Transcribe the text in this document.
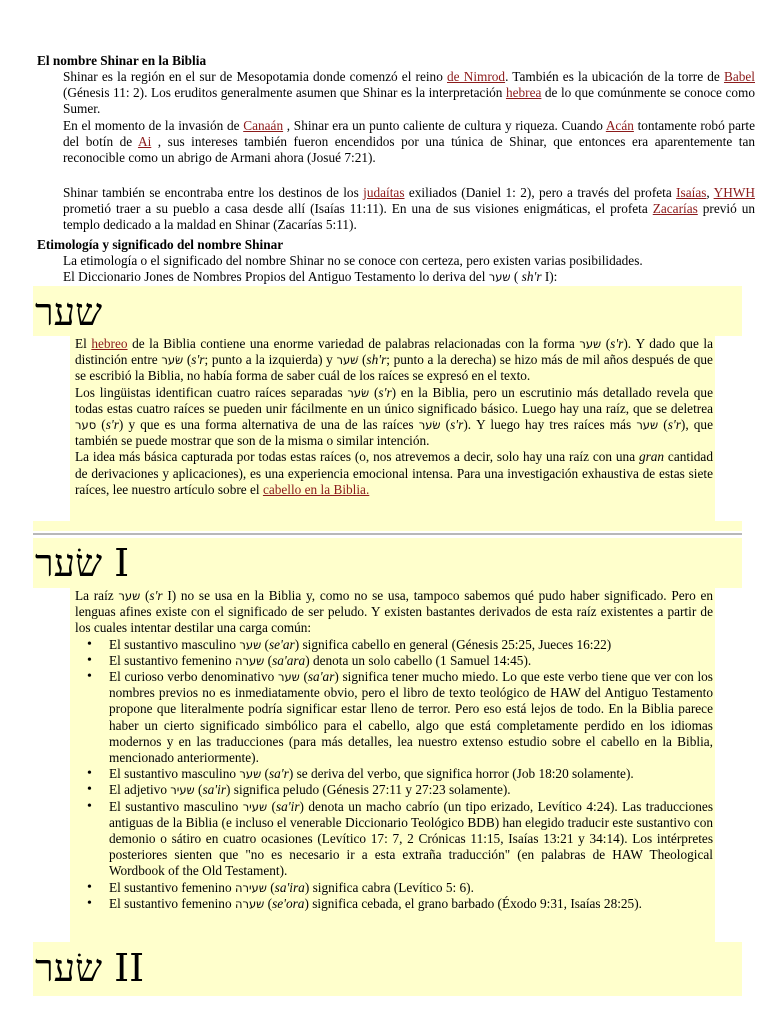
El nombre Shinar en la Biblia
Shinar es la región en el sur de Mesopotamia donde comenzó el reino de Nimrod. También es la ubicación de la torre de Babel (Génesis 11: 2). Los eruditos generalmente asumen que Shinar es la interpretación hebrea de lo que comúnmente se conoce como Sumer.
En el momento de la invasión de Canaán , Shinar era un punto caliente de cultura y riqueza. Cuando Acán tontamente robó parte del botín de Ai , sus intereses también fueron encendidos por una túnica de Shinar, que entonces era aparentemente tan reconocible como un abrigo de Armani ahora (Josué 7:21).
Shinar también se encontraba entre los destinos de los judaítas exiliados (Daniel 1: 2), pero a través del profeta Isaías, YHWH prometió traer a su pueblo a casa desde allí (Isaías 11:11). En una de sus visiones enigmáticas, el profeta Zacarías previó un templo dedicado a la maldad en Shinar (Zacarías 5:11).
Etimología y significado del nombre Shinar
La etimología o el significado del nombre Shinar no se conoce con certeza, pero existen varias posibilidades.
El Diccionario Jones de Nombres Propios del Antiguo Testamento lo deriva del שער ( sh'r I):
שער
El hebreo de la Biblia contiene una enorme variedad de palabras relacionadas con la forma שער (s'r). Y dado que la distinción entre שׂער (s'r; punto a la izquierda) y שׁער (sh'r; punto a la derecha) se hizo más de mil años después de que se escribió la Biblia, no había forma de saber cuál de los raíces se expresó en el texto.
Los lingüistas identifican cuatro raíces separadas שׂער (s'r) en la Biblia, pero un escrutinio más detallado revela que todas estas cuatro raíces se pueden unir fácilmente en un único significado básico. Luego hay una raíz, que se deletrea סער (s'r) y que es una forma alternativa de una de las raíces שׂער (s'r). Y luego hay tres raíces más שער (s'r), que también se puede mostrar que son de la misma o similar intención.
La idea más básica capturada por todas estas raíces (o, nos atrevemos a decir, solo hay una raíz con una gran cantidad de derivaciones y aplicaciones), es una experiencia emocional intensa. Para una investigación exhaustiva de estas siete raíces, lee nuestro artículo sobre el cabello en la Biblia.
שׂער I
La raíz שער (s'r I) no se usa en la Biblia y, como no se usa, tampoco sabemos qué pudo haber significado. Pero en lenguas afines existe con el significado de ser peludo. Y existen bastantes derivados de esta raíz existentes a partir de los cuales intentar destilar una carga común:
• El sustantivo masculino שער (se'ar) significa cabello en general (Génesis 25:25, Jueces 16:22)
• El sustantivo femenino שערה (sa'ara) denota un solo cabello (1 Samuel 14:45).
• El curioso verbo denominativo שער (sa'ar) significa tener mucho miedo. Lo que este verbo tiene que ver con los nombres previos no es inmediatamente obvio, pero el libro de texto teológico de HAW del Antiguo Testamento propone que literalmente podría significar estar lleno de terror. Pero eso está lejos de todo. En la Biblia parece haber un cierto significado simbólico para el cabello, algo que está completamente perdido en los idiomas modernos y en las traducciones (para más detalles, lea nuestro extenso estudio sobre el cabello en la Biblia, mencionado anteriormente).
• El sustantivo masculino שער (sa'r) se deriva del verbo, que significa horror (Job 18:20 solamente).
• El adjetivo שעיר (sa'ir) significa peludo (Génesis 27:11 y 27:23 solamente).
• El sustantivo masculino שעיר (sa'ir) denota un macho cabrío (un tipo erizado, Levítico 4:24). Las traducciones antiguas de la Biblia (e incluso el venerable Diccionario Teológico BDB) han elegido traducir este sustantivo con demonio o sátiro en cuatro ocasiones (Levítico 17: 7, 2 Crónicas 11:15, Isaías 13:21 y 34:14). Los intérpretes posteriores sienten que "no es necesario ir a esta extraña traducción" (en palabras de HAW Theological Wordbook of the Old Testament).
• El sustantivo femenino שעירה (sa'ira) significa cabra (Levítico 5: 6).
• El sustantivo femenino שערה (se'ora) significa cebada, el grano barbado (Éxodo 9:31, Isaías 28:25).
שׂער II
